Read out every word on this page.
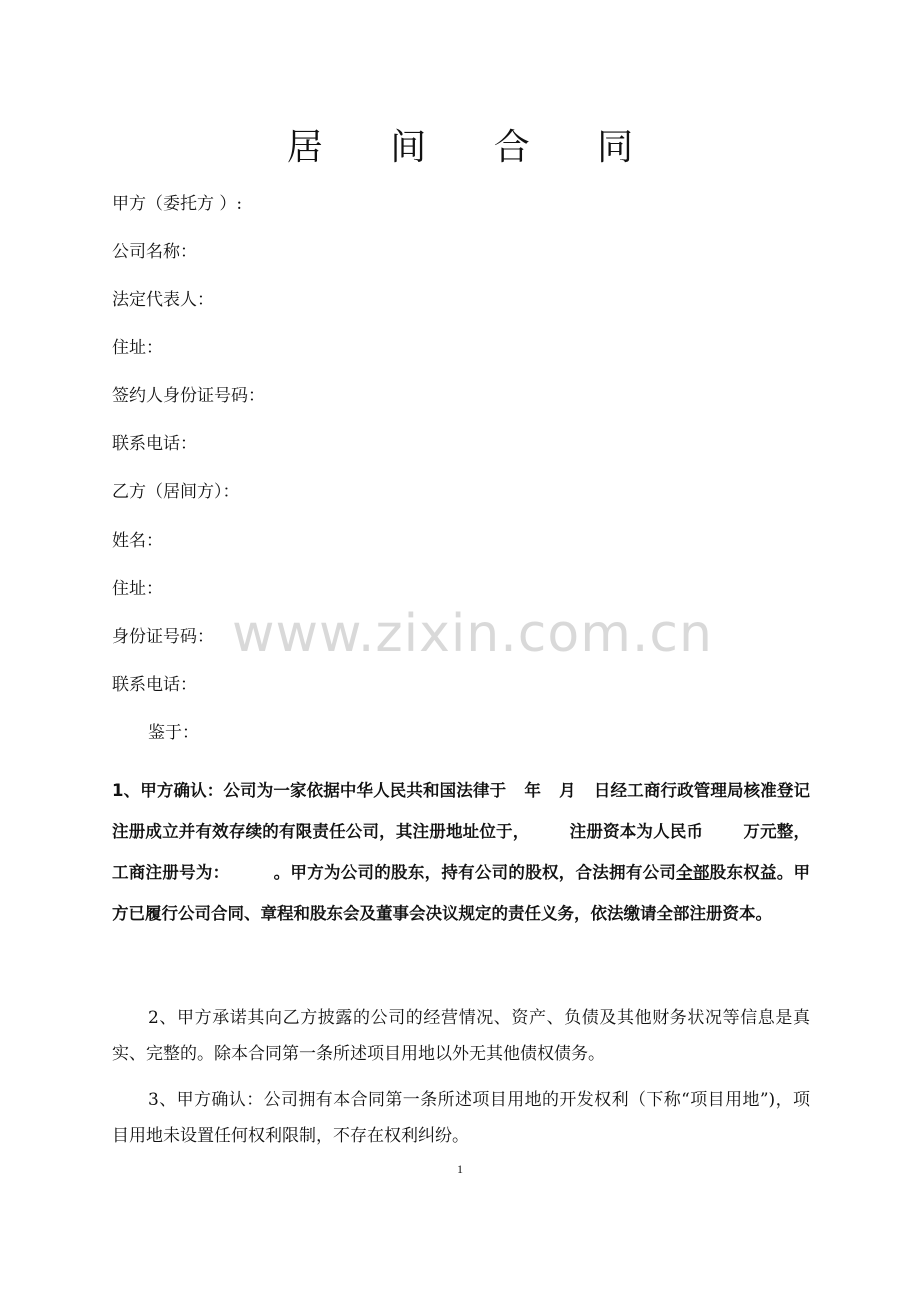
居 间 合 同
甲方（委托方 ）:
公司名称：
法定代表人：
住址：
签约人身份证号码：
联系电话：
乙方（居间方）：
姓名：
住址：
身份证号码：
联系电话：
鉴于：
1、甲方确认：公司为一家依据中华人民共和国法律于 年 月 日经工商行政管理局核准登记注册成立并有效存续的有限责任公司，其注册地址位于， 注册资本为人民币 万元整，工商注册号为：	。甲方为公司的股东，持有公司的股权，合法拥有公司全部股东权益。甲方已履行公司合同、章程和股东会及董事会决议规定的责任义务，依法缴请全部注册资本。
2、甲方承诺其向乙方披露的公司的经营情况、资产、负债及其他财务状况等信息是真实、完整的。除本合同第一条所述项目用地以外无其他债权债务。
3、甲方确认：公司拥有本合同第一条所述项目用地的开发权利（下称“项目用地”)，项目用地未设置任何权利限制，不存在权利纠纷。
www.zixin.com.cn
1
